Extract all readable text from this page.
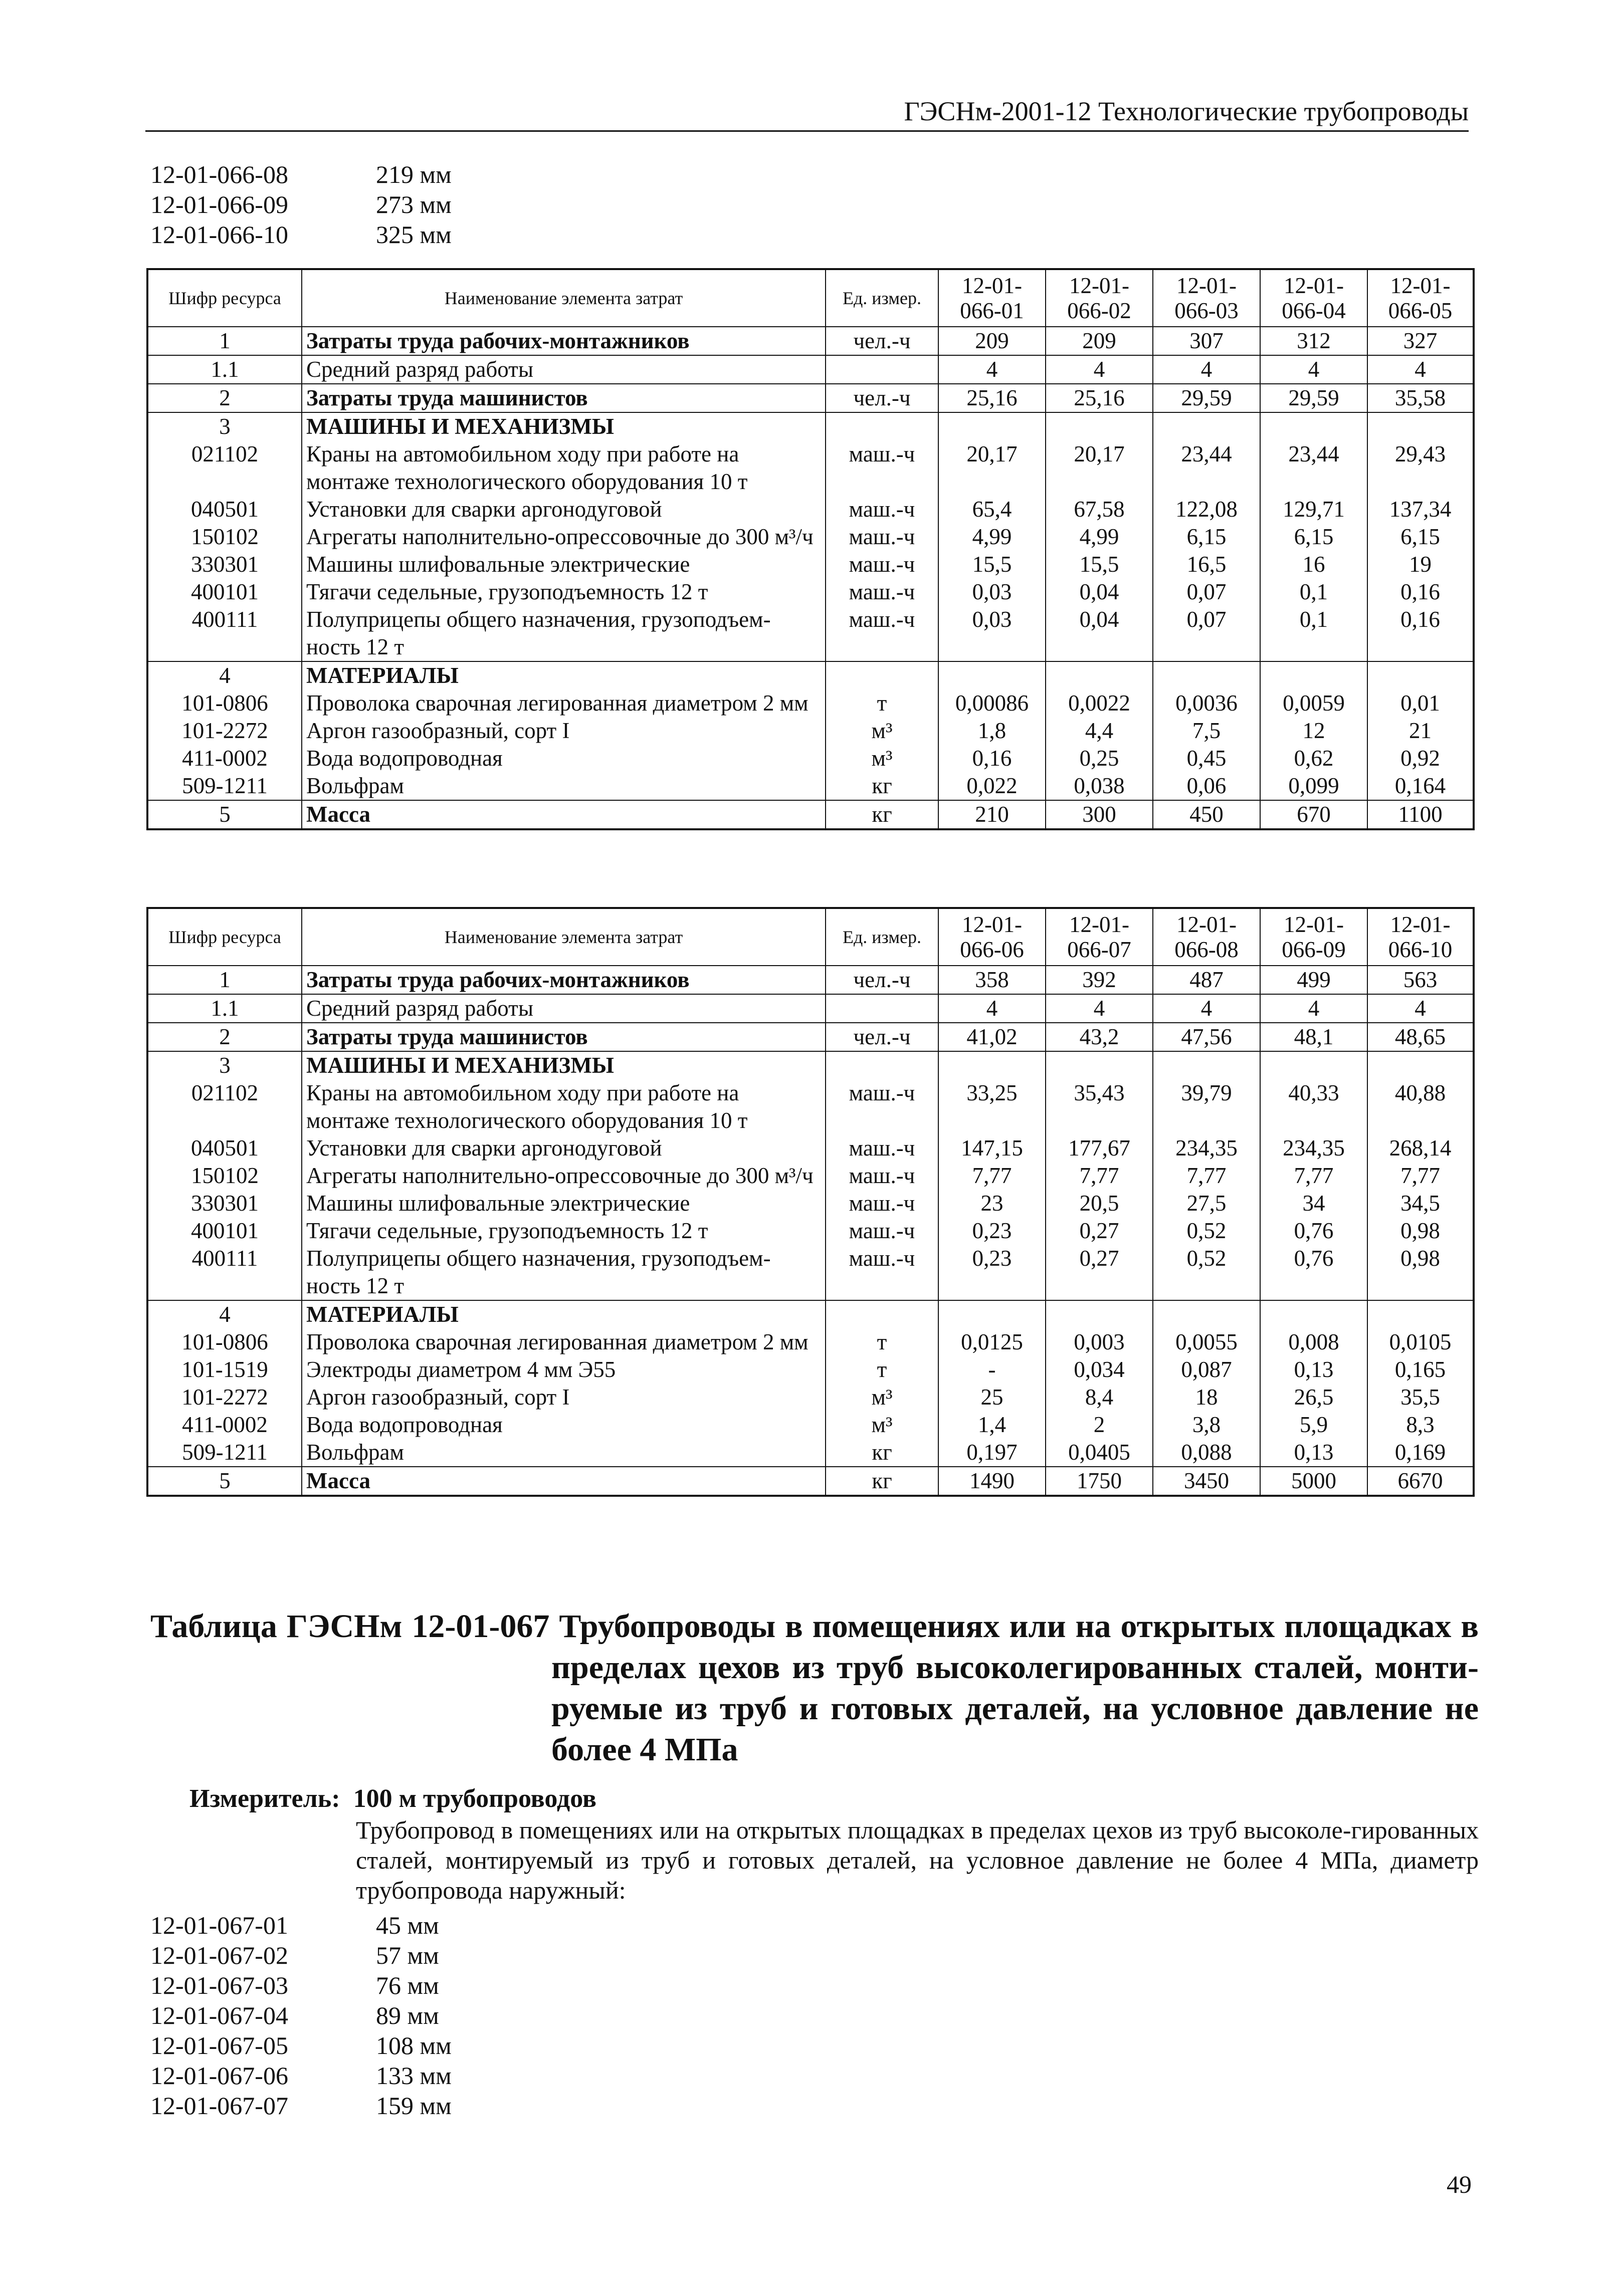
ГЭСНм-2001-12 Технологические трубопроводы
12-01-066-08	219 мм
12-01-066-09	273 мм
12-01-066-10	325 мм
Шифр ресурса	Наименование элемента затрат	Ед. измер.	12-01-066-01	12-01-066-02	12-01-066-03	12-01-066-04	12-01-066-05
1	Затраты труда рабочих-монтажников	чел.-ч	209	209	307	312	327
1.1	Средний разряд работы		4	4	4	4	4
2	Затраты труда машинистов	чел.-ч	25,16	25,16	29,59	29,59	35,58
3	МАШИНЫ И МЕХАНИЗМЫ						
021102	Краны на автомобильном ходу при работе на монтаже технологического оборудования 10 т	маш.-ч	20,17	20,17	23,44	23,44	29,43
040501	Установки для сварки аргонодуговой	маш.-ч	65,4	67,58	122,08	129,71	137,34
150102	Агрегаты наполнительно-опрессовочные до 300 м³/ч	маш.-ч	4,99	4,99	6,15	6,15	6,15
330301	Машины шлифовальные электрические	маш.-ч	15,5	15,5	16,5	16	19
400101	Тягачи седельные, грузоподъемность 12 т	маш.-ч	0,03	0,04	0,07	0,1	0,16
400111	Полуприцепы общего назначения, грузоподъем-ность 12 т	маш.-ч	0,03	0,04	0,07	0,1	0,16
4	МАТЕРИАЛЫ						
101-0806	Проволока сварочная легированная диаметром 2 мм	т	0,00086	0,0022	0,0036	0,0059	0,01
101-2272	Аргон газообразный, сорт I	м³	1,8	4,4	7,5	12	21
411-0002	Вода водопроводная	м³	0,16	0,25	0,45	0,62	0,92
509-1211	Вольфрам	кг	0,022	0,038	0,06	0,099	0,164
5	Масса	кг	210	300	450	670	1100
Шифр ресурса	Наименование элемента затрат	Ед. измер.	12-01-066-06	12-01-066-07	12-01-066-08	12-01-066-09	12-01-066-10
1	Затраты труда рабочих-монтажников	чел.-ч	358	392	487	499	563
1.1	Средний разряд работы		4	4	4	4	4
2	Затраты труда машинистов	чел.-ч	41,02	43,2	47,56	48,1	48,65
3	МАШИНЫ И МЕХАНИЗМЫ						
021102	Краны на автомобильном ходу при работе на монтаже технологического оборудования 10 т	маш.-ч	33,25	35,43	39,79	40,33	40,88
040501	Установки для сварки аргонодуговой	маш.-ч	147,15	177,67	234,35	234,35	268,14
150102	Агрегаты наполнительно-опрессовочные до 300 м³/ч	маш.-ч	7,77	7,77	7,77	7,77	7,77
330301	Машины шлифовальные электрические	маш.-ч	23	20,5	27,5	34	34,5
400101	Тягачи седельные, грузоподъемность 12 т	маш.-ч	0,23	0,27	0,52	0,76	0,98
400111	Полуприцепы общего назначения, грузоподъем-ность 12 т	маш.-ч	0,23	0,27	0,52	0,76	0,98
4	МАТЕРИАЛЫ						
101-0806	Проволока сварочная легированная диаметром 2 мм	т	0,0125	0,003	0,0055	0,008	0,0105
101-1519	Электроды диаметром 4 мм Э55	т	-	0,034	0,087	0,13	0,165
101-2272	Аргон газообразный, сорт I	м³	25	8,4	18	26,5	35,5
411-0002	Вода водопроводная	м³	1,4	2	3,8	5,9	8,3
509-1211	Вольфрам	кг	0,197	0,0405	0,088	0,13	0,169
5	Масса	кг	1490	1750	3450	5000	6670
Таблица ГЭСНм 12-01-067 Трубопроводы в помещениях или на открытых площадках в
пределах цехов из труб высоколегированных сталей, монти-руемые из труб и готовых деталей, на условное давление не более 4 МПа
Измеритель: 100 м трубопроводов
Трубопровод в помещениях или на открытых площадках в пределах цехов из труб высоколе-гированных сталей, монтируемый из труб и готовых деталей, на условное давление не более 4 МПа, диаметр трубопровода наружный:
12-01-067-01	45 мм
12-01-067-02	57 мм
12-01-067-03	76 мм
12-01-067-04	89 мм
12-01-067-05	108 мм
12-01-067-06	133 мм
12-01-067-07	159 мм
49
